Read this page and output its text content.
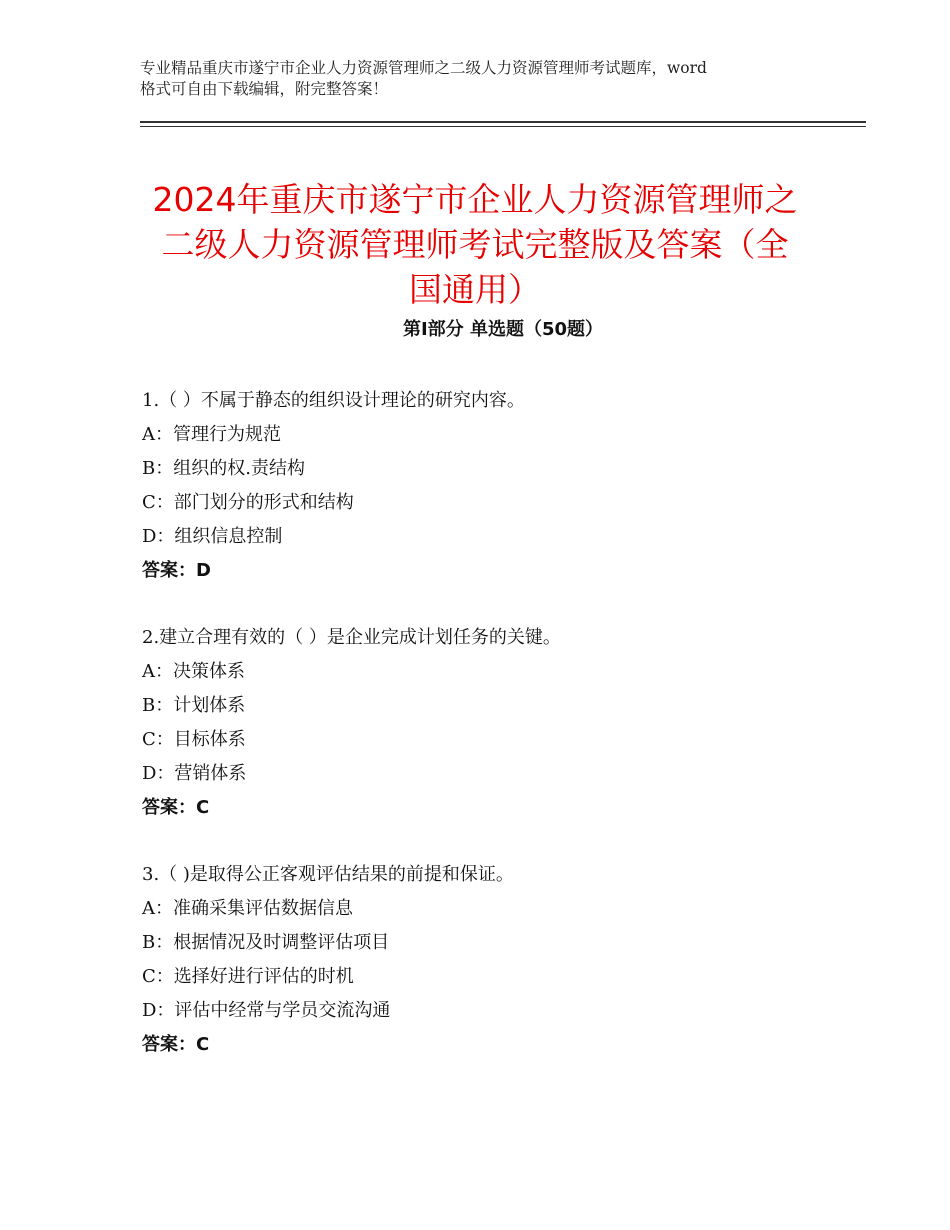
专业精品重庆市遂宁市企业人力资源管理师之二级人力资源管理师考试题库，word
格式可自由下载编辑，附完整答案！
2024年重庆市遂宁市企业人力资源管理师之
二级人力资源管理师考试完整版及答案（全
国通用）
第Ⅰ部分 单选题（50题）
1.（ ）不属于静态的组织设计理论的研究内容。
A：管理行为规范
B：组织的权.责结构
C：部门划分的形式和结构
D：组织信息控制
答案：D
2.建立合理有效的（ ）是企业完成计划任务的关键。
A：决策体系
B：计划体系
C：目标体系
D：营销体系
答案：C
3.（ )是取得公正客观评估结果的前提和保证。
A：准确采集评估数据信息
B：根据情况及时调整评估项目
C：选择好进行评估的时机
D：评估中经常与学员交流沟通
答案：C
